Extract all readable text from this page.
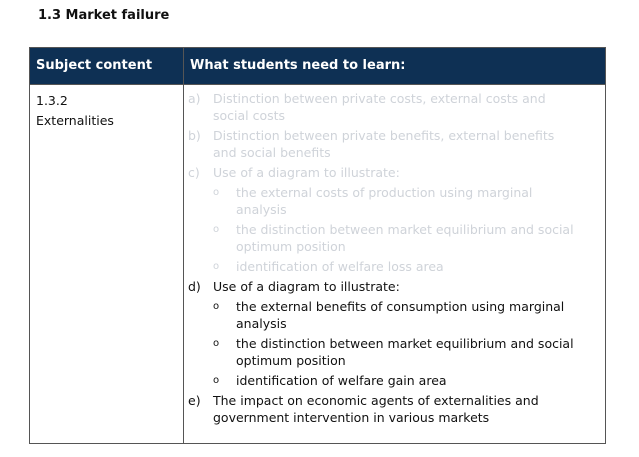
1.3 Market failure
Subject content	What students need to learn:
1.3.2
Externalities
a) Distinction between private costs, external costs and
social costs
b) Distinction between private benefits, external benefits
and social benefits
c) Use of a diagram to illustrate:
o the external costs of production using marginal
analysis
o the distinction between market equilibrium and social
optimum position
o identification of welfare loss area
d) Use of a diagram to illustrate:
o the external benefits of consumption using marginal
analysis
o the distinction between market equilibrium and social
optimum position
o identification of welfare gain area
e) The impact on economic agents of externalities and
government intervention in various markets
